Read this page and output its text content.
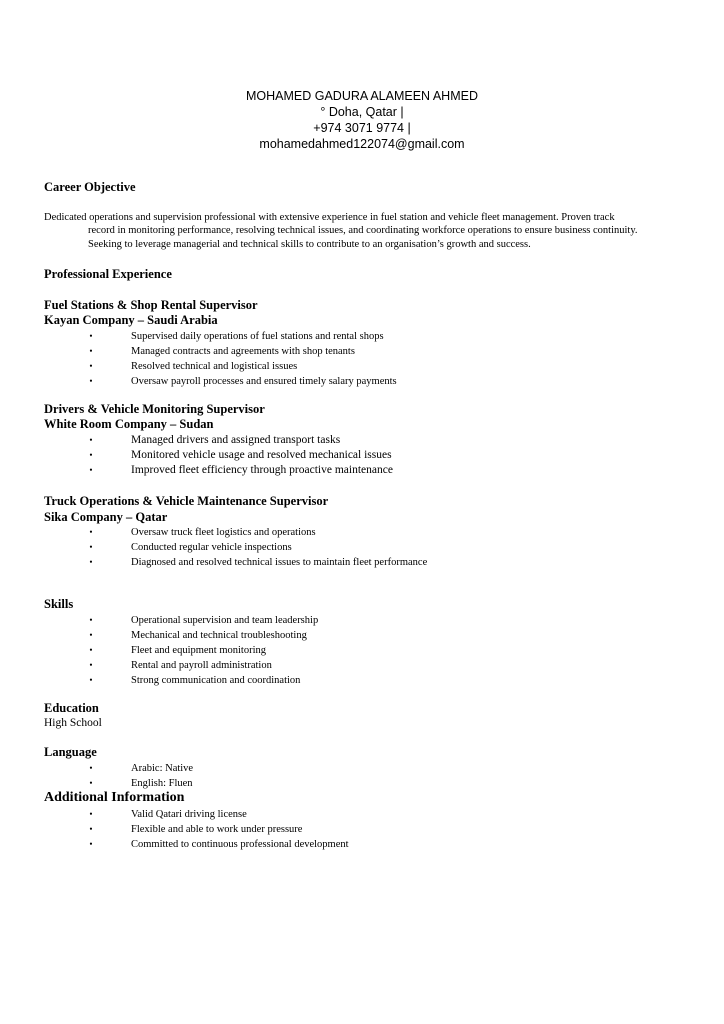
MOHAMED GADURA ALAMEEN AHMED
° Doha, Qatar |
+974 3071 9774 |
mohamedahmed122074@gmail.com
Career Objective

Dedicated operations and supervision professional with extensive experience in fuel station and vehicle fleet management. Proven track record in monitoring performance, resolving technical issues, and coordinating workforce operations to ensure business continuity. Seeking to leverage managerial and technical skills to contribute to an organisation’s growth and success.

Professional Experience
Fuel Stations & Shop Rental Supervisor
Kayan Company – Saudi Arabia
•	Supervised daily operations of fuel stations and rental shops
•	Managed contracts and agreements with shop tenants
•	Resolved technical and logistical issues
•	Oversaw payroll processes and ensured timely salary payments
Drivers & Vehicle Monitoring Supervisor
White Room Company – Sudan
•	Managed drivers and assigned transport tasks
•	Monitored vehicle usage and resolved mechanical issues
•	Improved fleet efficiency through proactive maintenance
Truck Operations & Vehicle Maintenance Supervisor
Sika Company – Qatar
•	Oversaw truck fleet logistics and operations
•	Conducted regular vehicle inspections
•	Diagnosed and resolved technical issues to maintain fleet performance
Skills
•	Operational supervision and team leadership
•	Mechanical and technical troubleshooting
•	Fleet and equipment monitoring
•	Rental and payroll administration
•	Strong communication and coordination
Education
High School
Language
•	Arabic: Native
•	English: Fluen
Additional Information
•	Valid Qatari driving license
•	Flexible and able to work under pressure
•	Committed to continuous professional development
